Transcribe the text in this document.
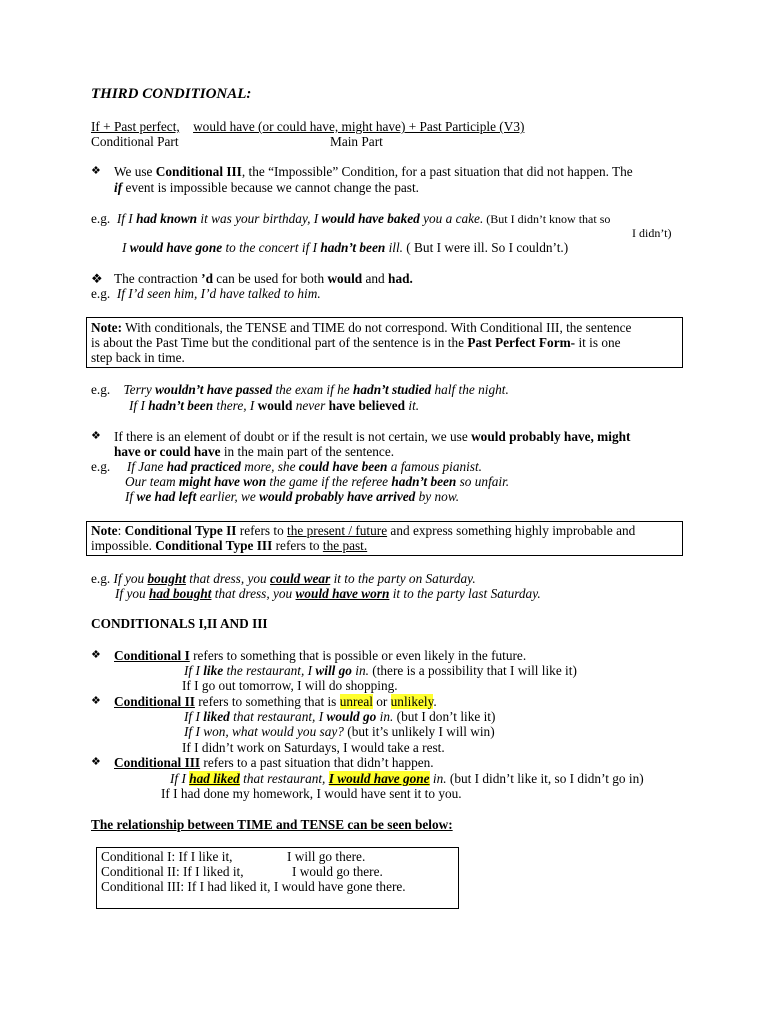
THIRD CONDITIONAL:
If + Past perfect, would have (or could have, might have) + Past Participle (V3)
Conditional Part	Main Part
❖ We use Conditional III, the “Impossible” Condition, for a past situation that did not happen. The
if event is impossible because we cannot change the past.
e.g. If I had known it was your birthday, I would have baked you a cake. (But I didn’t know that so
I didn’t)
I would have gone to the concert if I hadn’t been ill. ( But I were ill. So I couldn’t.)
❖ The contraction ’d can be used for both would and had.
e.g. If I’d seen him, I’d have talked to him.
Note: With conditionals, the TENSE and TIME do not correspond. With Conditional III, the sentence
is about the Past Time but the conditional part of the sentence is in the Past Perfect Form- it is one
step back in time.
e.g. Terry wouldn’t have passed the exam if he hadn’t studied half the night.
If I hadn’t been there, I would never have believed it.
❖ If there is an element of doubt or if the result is not certain, we use would probably have, might
have or could have in the main part of the sentence.
e.g. If Jane had practiced more, she could have been a famous pianist.
Our team might have won the game if the referee hadn’t been so unfair.
If we had left earlier, we would probably have arrived by now.
Note: Conditional Type II refers to the present / future and express something highly improbable and
impossible. Conditional Type III refers to the past.
e.g. If you bought that dress, you could wear it to the party on Saturday.
If you had bought that dress, you would have worn it to the party last Saturday.
CONDITIONALS I,II AND III
❖ Conditional I refers to something that is possible or even likely in the future.
If I like the restaurant, I will go in. (there is a possibility that I will like it)
If I go out tomorrow, I will do shopping.
❖ Conditional II refers to something that is unreal or unlikely.
If I liked that restaurant, I would go in. (but I don’t like it)
If I won, what would you say? (but it’s unlikely I will win)
If I didn’t work on Saturdays, I would take a rest.
❖ Conditional III refers to a past situation that didn’t happen.
If I had liked that restaurant, I would have gone in. (but I didn’t like it, so I didn’t go in)
If I had done my homework, I would have sent it to you.
The relationship between TIME and TENSE can be seen below:
Conditional I: If I like it,	I will go there.
Conditional II: If I liked it,	I would go there.
Conditional III: If I had liked it, I would have gone there.
